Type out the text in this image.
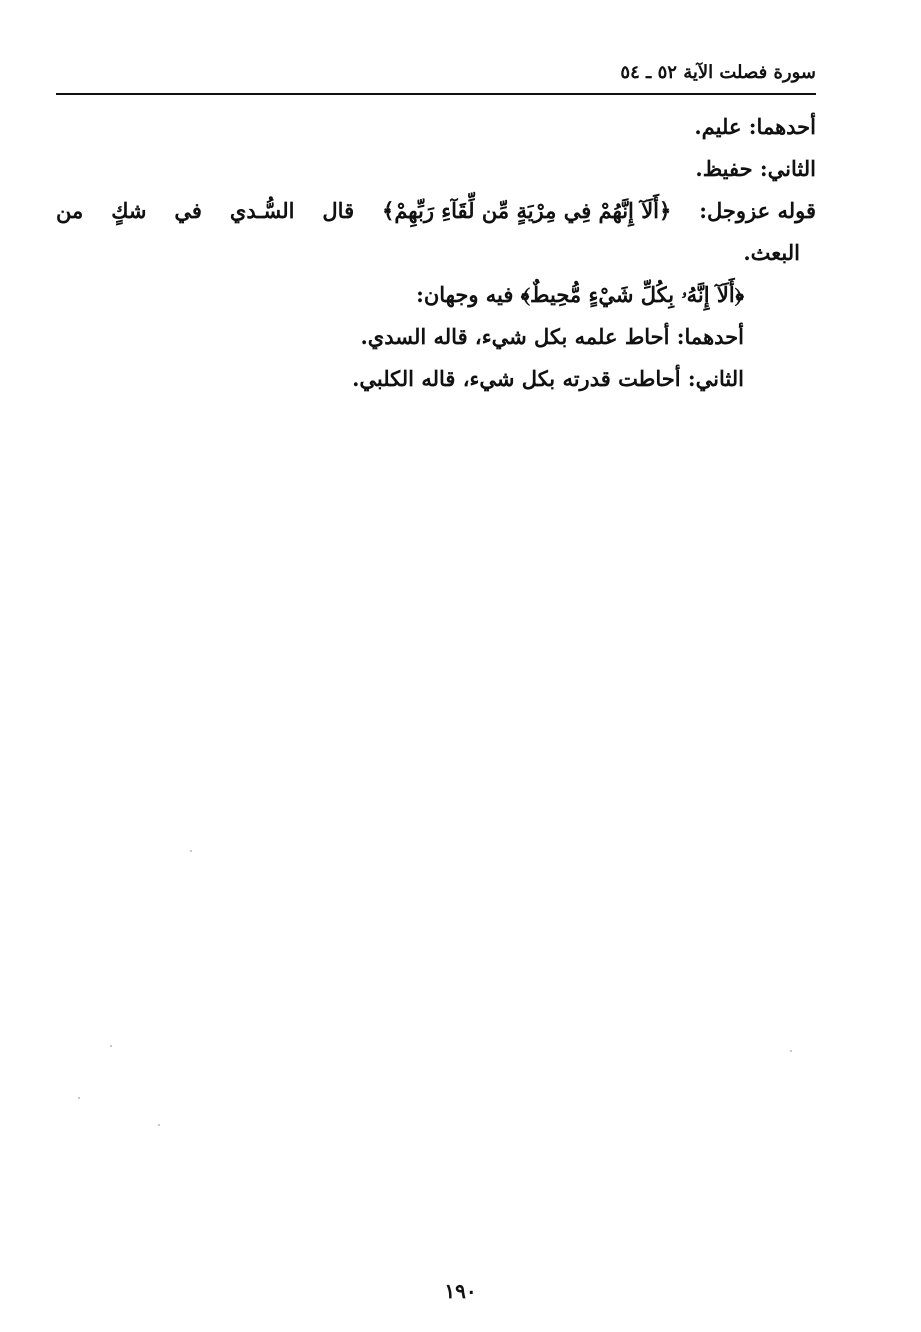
سورة فصلت الآية ٥٢ ـ ٥٤
أحدهما: عليم.
الثاني: حفيظ.
قوله عزوجل:
﴿أَلَآ إِنَّهُمْ فِي مِرْيَةٍ مِّن لِّقَآءِ رَبِّهِمْ﴾
قال
السُّـدي
في
شكٍ
من
البعث.
﴿أَلَآ إِنَّهُۥ بِكُلِّ شَيْءٍ مُّحِيطٌ﴾ فيه وجهان:
أحدهما: أحاط علمه بكل شيء، قاله السدي.
الثاني: أحاطت قدرته بكل شيء، قاله الكلبي.
١٩٠
